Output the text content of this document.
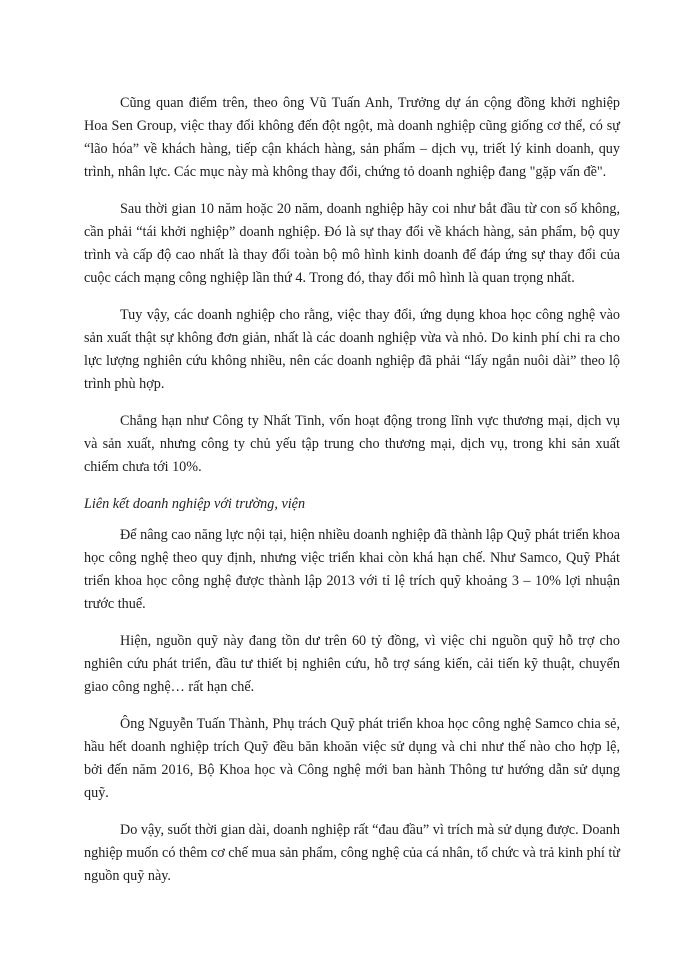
Cũng quan điểm trên, theo ông Vũ Tuấn Anh, Trưởng dự án cộng đồng khởi nghiệp Hoa Sen Group, việc thay đổi không đến đột ngột, mà doanh nghiệp cũng giống cơ thể, có sự “lão hóa” về khách hàng, tiếp cận khách hàng, sản phẩm – dịch vụ, triết lý kinh doanh, quy trình, nhân lực. Các mục này mà không thay đổi, chứng tỏ doanh nghiệp đang "gặp vấn đề".

Sau thời gian 10 năm hoặc 20 năm, doanh nghiệp hãy coi như bắt đầu từ con số không, cần phải “tái khởi nghiệp” doanh nghiệp. Đó là sự thay đổi về khách hàng, sản phẩm, bộ quy trình và cấp độ cao nhất là thay đổi toàn bộ mô hình kinh doanh để đáp ứng sự thay đổi của cuộc cách mạng công nghiệp lần thứ 4. Trong đó, thay đổi mô hình là quan trọng nhất.

Tuy vậy, các doanh nghiệp cho rằng, việc thay đổi, ứng dụng khoa học công nghệ vào sản xuất thật sự không đơn giản, nhất là các doanh nghiệp vừa và nhỏ. Do kinh phí chi ra cho lực lượng nghiên cứu không nhiều, nên các doanh nghiệp đã phải “lấy ngắn nuôi dài” theo lộ trình phù hợp.

Chẳng hạn như Công ty Nhất Tinh, vốn hoạt động trong lĩnh vực thương mại, dịch vụ và sản xuất, nhưng công ty chủ yếu tập trung cho thương mại, dịch vụ, trong khi sản xuất chiếm chưa tới 10%.

Liên kết doanh nghiệp với trường, viện

Để nâng cao năng lực nội tại, hiện nhiều doanh nghiệp đã thành lập Quỹ phát triển khoa học công nghệ theo quy định, nhưng việc triển khai còn khá hạn chế. Như Samco, Quỹ Phát triển khoa học công nghệ được thành lập 2013 với tỉ lệ trích quỹ khoảng 3 – 10% lợi nhuận trước thuế.

Hiện, nguồn quỹ này đang tồn dư trên 60 tỷ đồng, vì việc chi nguồn quỹ hỗ trợ cho nghiên cứu phát triển, đầu tư thiết bị nghiên cứu, hỗ trợ sáng kiến, cải tiến kỹ thuật, chuyển giao công nghệ… rất hạn chế.

Ông Nguyễn Tuấn Thành, Phụ trách Quỹ phát triển khoa học công nghệ Samco chia sẻ, hầu hết doanh nghiệp trích Quỹ đều băn khoăn việc sử dụng và chi như thế nào cho hợp lệ, bởi đến năm 2016, Bộ Khoa học và Công nghệ mới ban hành Thông tư hướng dẫn sử dụng quỹ.

Do vậy, suốt thời gian dài, doanh nghiệp rất “đau đầu” vì trích mà sử dụng được. Doanh nghiệp muốn có thêm cơ chế mua sản phẩm, công nghệ của cá nhân, tổ chức và trả kinh phí từ nguồn quỹ này.
